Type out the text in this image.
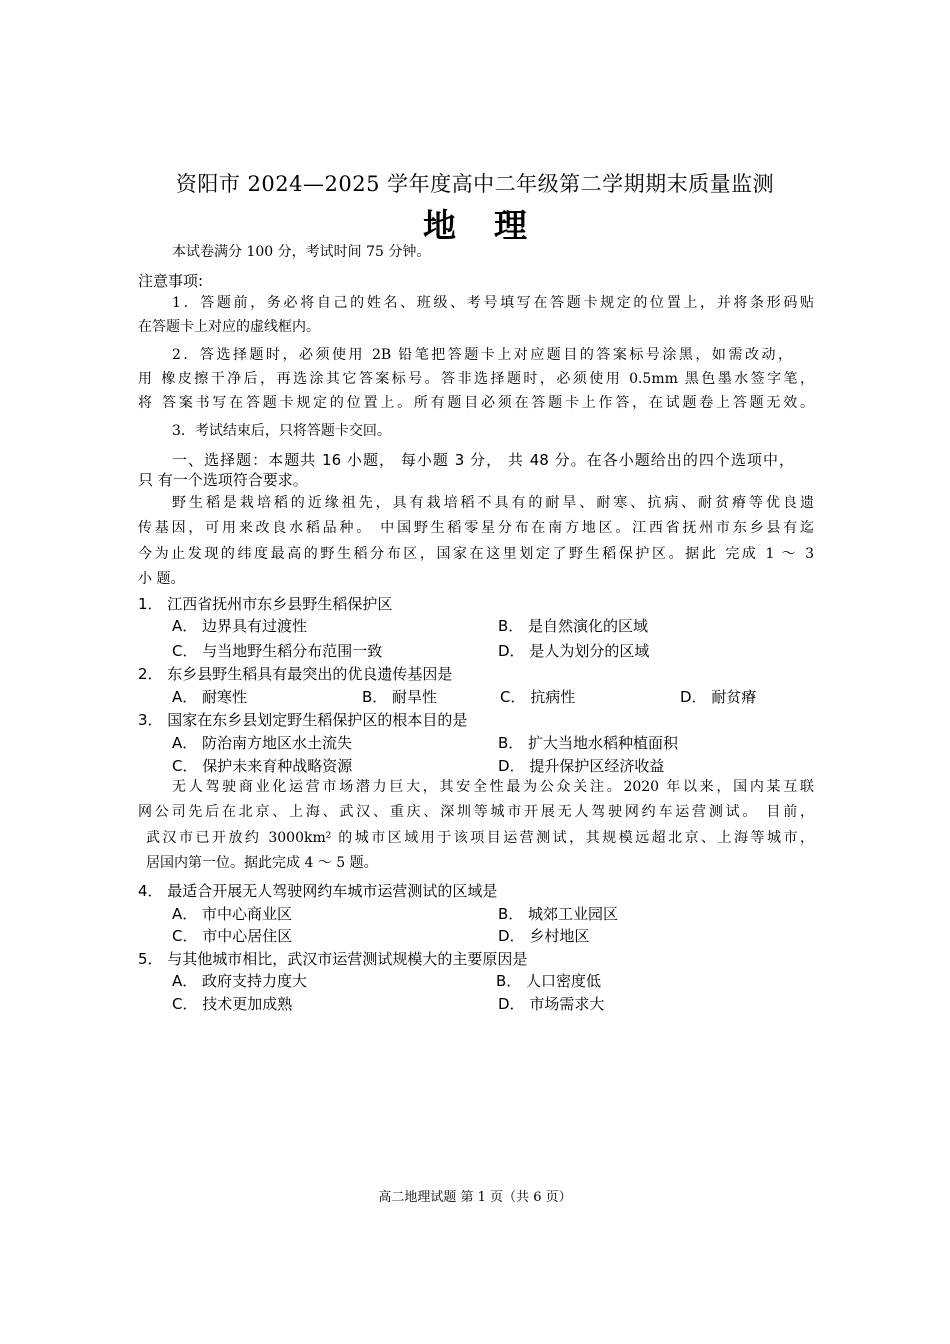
资阳市 2024—2025 学年度高中二年级第二学期期末质量监测
地理
本试卷满分 100 分，考试时间 75 分钟。
注意事项:
1．答题前，务必将自己的姓名、班级、考号填写在答题卡规定的位置上，并将条形码贴
在答题卡上对应的虚线框内。
2．答选择题时，必须使用 2B 铅笔把答题卡上对应题目的答案标号涂黑，如需改动，
用 橡皮擦干净后，再选涂其它答案标号。答非选择题时，必须使用 0.5mm 黑色墨水签字笔，
将 答案书写在答题卡规定的位置上。所有题目必须在答题卡上作答，在试题卷上答题无效。
3．考试结束后，只将答题卡交回。
一、选择题：本题共 16 小题， 每小题 3 分， 共 48 分。在各小题给出的四个选项中，
只 有一个选项符合要求。
野生稻是栽培稻的近缘祖先，具有栽培稻不具有的耐旱、耐寒、抗病、耐贫瘠等优良遗
传基因，可用来改良水稻品种。 中国野生稻零星分布在南方地区。江西省抚州市东乡县有迄
今为止发现的纬度最高的野生稻分布区，国家在这里划定了野生稻保护区。据此 完成 1 ～ 3
小 题。
1． 江西省抚州市东乡县野生稻保护区
A． 边界具有过渡性	B． 是自然演化的区域
C． 与当地野生稻分布范围一致	D． 是人为划分的区域
2． 东乡县野生稻具有最突出的优良遗传基因是
A． 耐寒性	B． 耐旱性	C． 抗病性	D． 耐贫瘠
3． 国家在东乡县划定野生稻保护区的根本目的是
A． 防治南方地区水土流失	B． 扩大当地水稻种植面积
C． 保护未来育种战略资源	D． 提升保护区经济收益
无人驾驶商业化运营市场潜力巨大，其安全性最为公众关注。2020 年以来，国内某互联
网公司先后在北京、上海、武汉、重庆、深圳等城市开展无人驾驶网约车运营测试。 目前，
武汉市已开放约 3000km² 的城市区域用于该项目运营测试，其规模远超北京、上海等城市，
居国内第一位。据此完成 4 ～ 5 题。
4． 最适合开展无人驾驶网约车城市运营测试的区域是
A． 市中心商业区	B． 城郊工业园区
C． 市中心居住区	D． 乡村地区
5． 与其他城市相比，武汉市运营测试规模大的主要原因是
A． 政府支持力度大	B． 人口密度低
C． 技术更加成熟	D． 市场需求大
高二地理试题 第 1 页（共 6 页）
